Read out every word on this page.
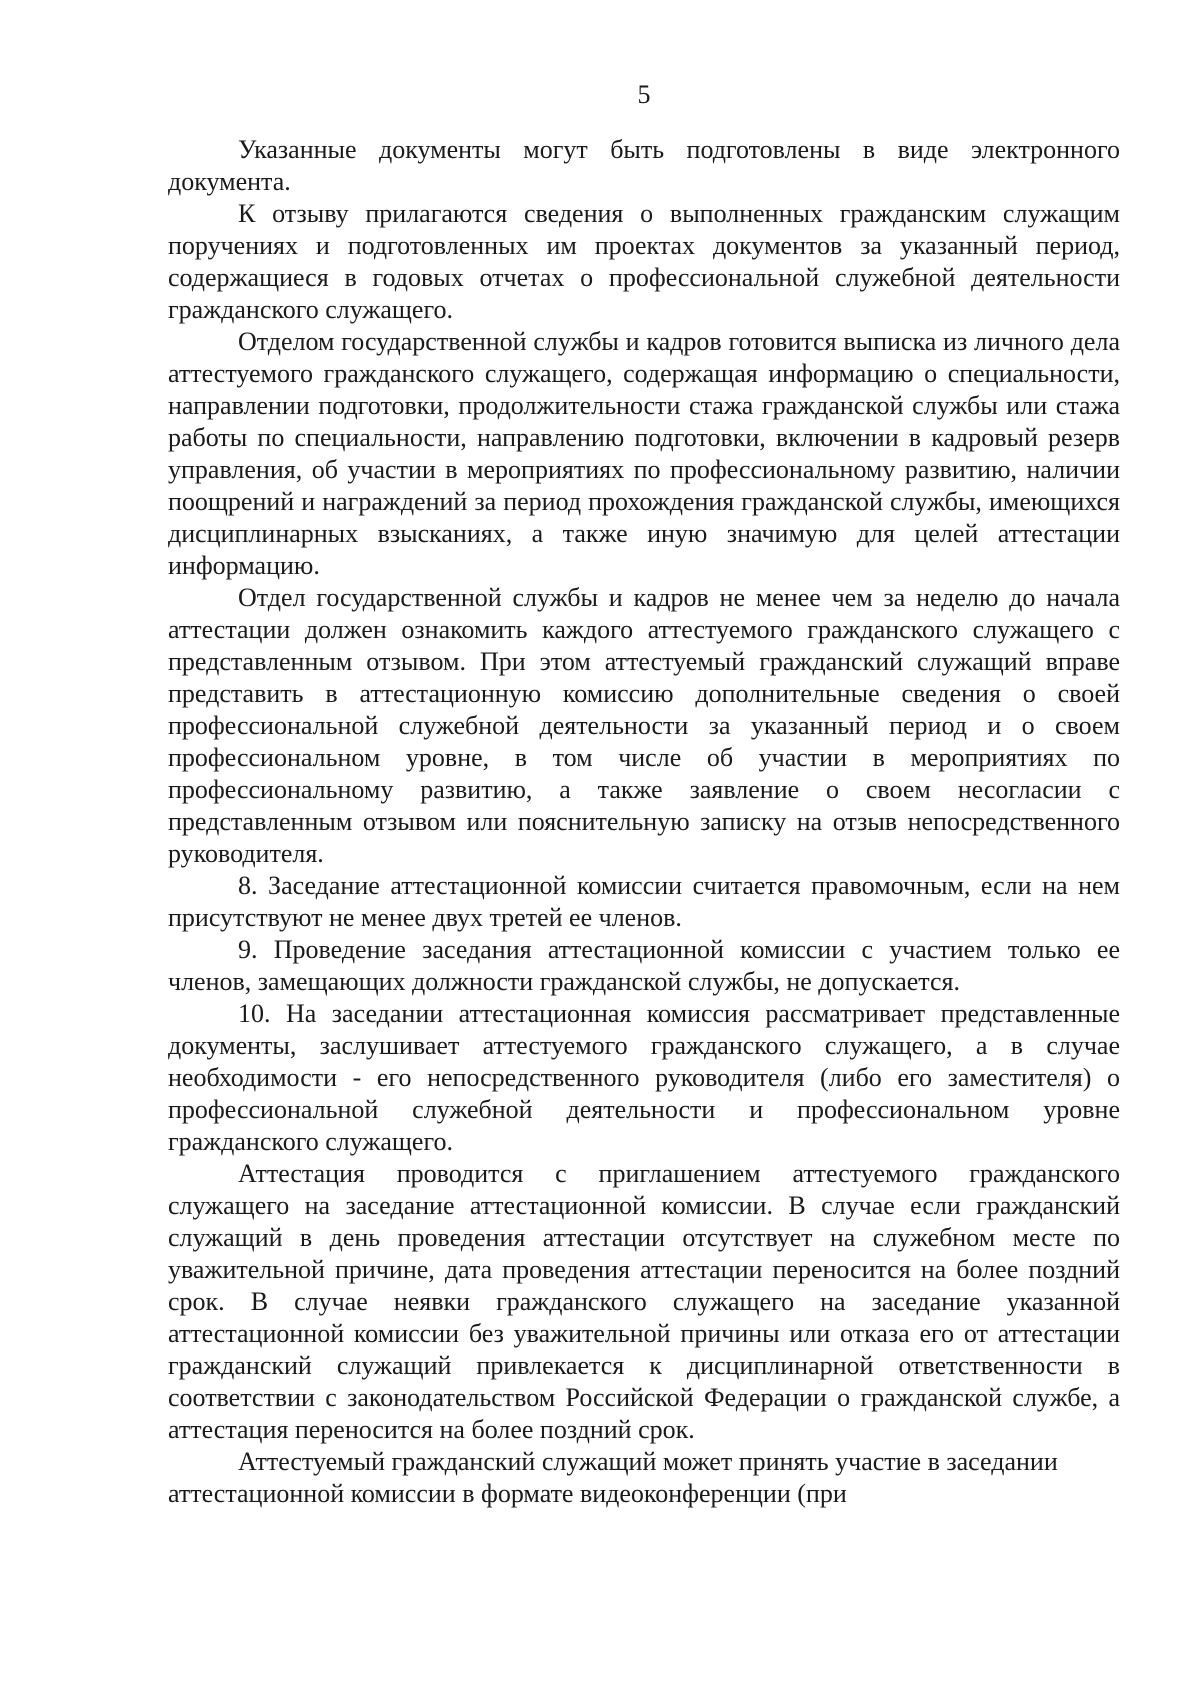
5

Указанные документы могут быть подготовлены в виде электронного документа.

К отзыву прилагаются сведения о выполненных гражданским служащим поручениях и подготовленных им проектах документов за указанный период, содержащиеся в годовых отчетах о профессиональной служебной деятельности гражданского служащего.

Отделом государственной службы и кадров готовится выписка из личного дела аттестуемого гражданского служащего, содержащая информацию о специальности, направлении подготовки, продолжительности стажа гражданской службы или стажа работы по специальности, направлению подготовки, включении в кадровый резерв управления, об участии в мероприятиях по профессиональному развитию, наличии поощрений и награждений за период прохождения гражданской службы, имеющихся дисциплинарных взысканиях, а также иную значимую для целей аттестации информацию.

Отдел государственной службы и кадров не менее чем за неделю до начала аттестации должен ознакомить каждого аттестуемого гражданского служащего с представленным отзывом. При этом аттестуемый гражданский служащий вправе представить в аттестационную комиссию дополнительные сведения о своей профессиональной служебной деятельности за указанный период и о своем профессиональном уровне, в том числе об участии в мероприятиях по профессиональному развитию, а также заявление о своем несогласии с представленным отзывом или пояснительную записку на отзыв непосредственного руководителя.

8. Заседание аттестационной комиссии считается правомочным, если на нем присутствуют не менее двух третей ее членов.

9. Проведение заседания аттестационной комиссии с участием только ее членов, замещающих должности гражданской службы, не допускается.

10. На заседании аттестационная комиссия рассматривает представленные документы, заслушивает аттестуемого гражданского служащего, а в случае необходимости - его непосредственного руководителя (либо его заместителя) о профессиональной служебной деятельности и профессиональном уровне гражданского служащего.

Аттестация проводится с приглашением аттестуемого гражданского служащего на заседание аттестационной комиссии. В случае если гражданский служащий в день проведения аттестации отсутствует на служебном месте по уважительной причине, дата проведения аттестации переносится на более поздний срок. В случае неявки гражданского служащего на заседание указанной аттестационной комиссии без уважительной причины или отказа его от аттестации гражданский служащий привлекается к дисциплинарной ответственности в соответствии с законодательством Российской Федерации о гражданской службе, а аттестация переносится на более поздний срок.

Аттестуемый гражданский служащий может принять участие в заседании аттестационной комиссии в формате видеоконференции (при
